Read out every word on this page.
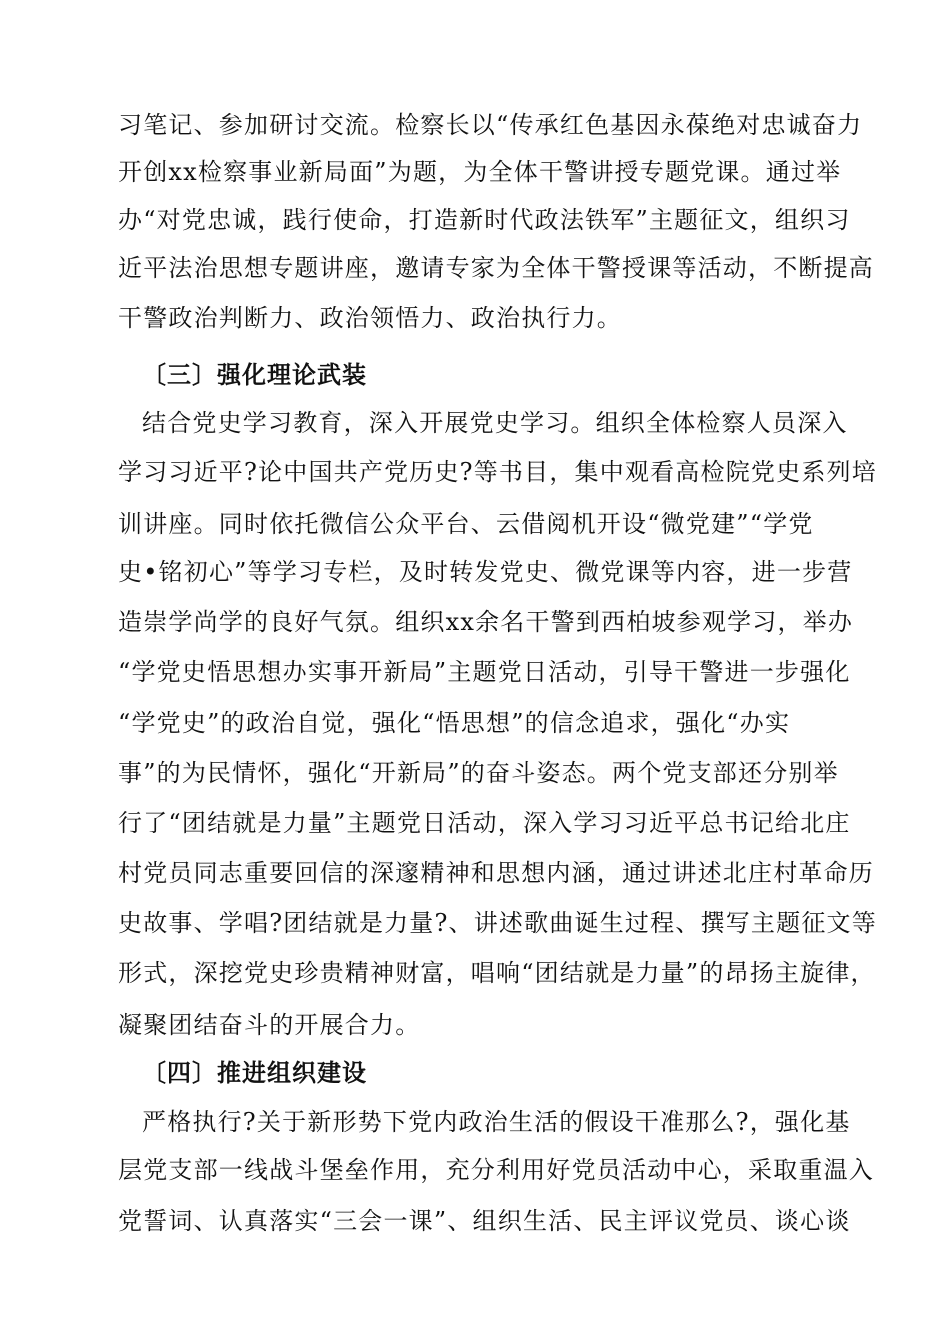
习笔记、参加研讨交流。检察长以“传承红色基因永葆绝对忠诚奋力
开创xx检察事业新局面”为题，为全体干警讲授专题党课。通过举
办“对党忠诚，践行使命，打造新时代政法铁军”主题征文，组织习
近平法治思想专题讲座，邀请专家为全体干警授课等活动，不断提高
干警政治判断力、政治领悟力、政治执行力。
〔三〕强化理论武装
结合党史学习教育，深入开展党史学习。组织全体检察人员深入
学习习近平?论中国共产党历史?等书目，集中观看高检院党史系列培
训讲座。同时依托微信公众平台、云借阅机开设“微党建”“学党
史•铭初心”等学习专栏，及时转发党史、微党课等内容，进一步营
造崇学尚学的良好气氛。组织xx余名干警到西柏坡参观学习，举办
“学党史悟思想办实事开新局”主题党日活动，引导干警进一步强化
“学党史”的政治自觉，强化“悟思想”的信念追求，强化“办实
事”的为民情怀，强化“开新局”的奋斗姿态。两个党支部还分别举
行了“团结就是力量”主题党日活动，深入学习习近平总书记给北庄
村党员同志重要回信的深邃精神和思想内涵，通过讲述北庄村革命历
史故事、学唱?团结就是力量?、讲述歌曲诞生过程、撰写主题征文等
形式，深挖党史珍贵精神财富，唱响“团结就是力量”的昂扬主旋律，
凝聚团结奋斗的开展合力。
〔四〕推进组织建设
严格执行?关于新形势下党内政治生活的假设干准那么?，强化基
层党支部一线战斗堡垒作用，充分利用好党员活动中心，采取重温入
党誓词、认真落实“三会一课”、组织生活、民主评议党员、谈心谈
